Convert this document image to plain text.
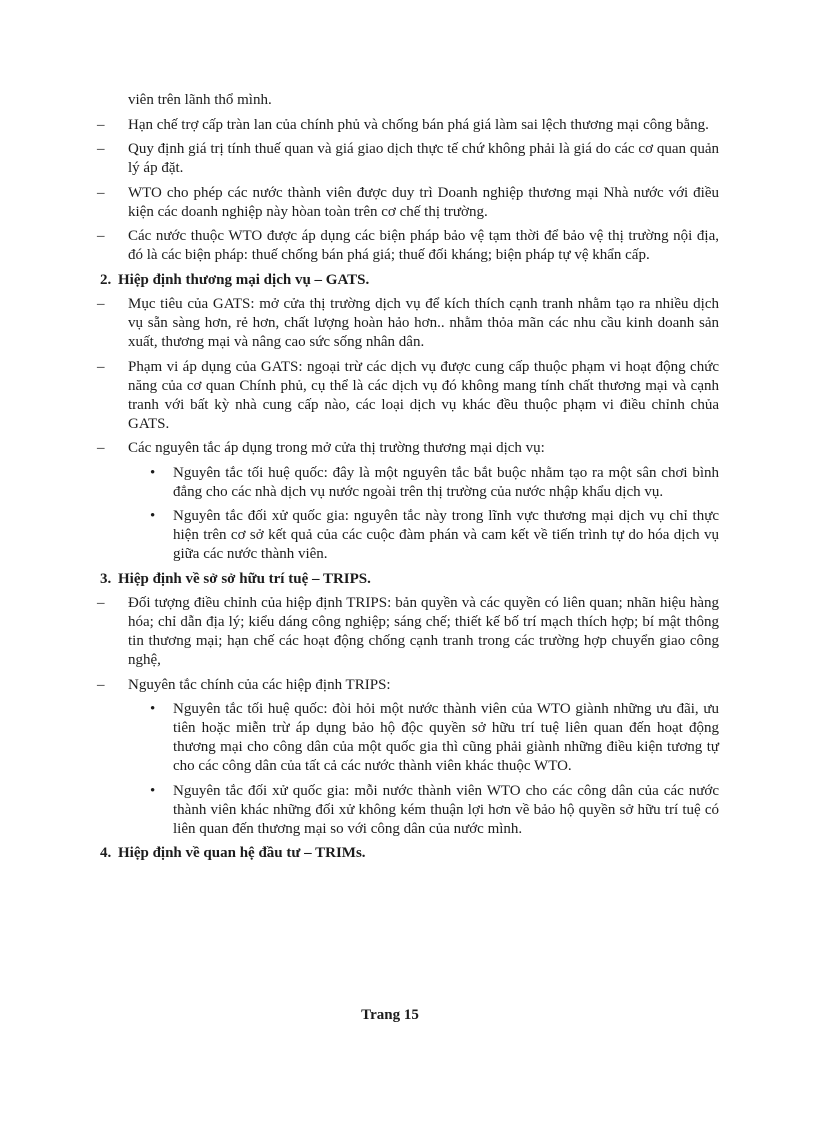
viên trên lãnh thổ mình.
– Hạn chế trợ cấp tràn lan của chính phủ và chống bán phá giá làm sai lệch thương mại công bằng.
– Quy định giá trị tính thuế quan và giá giao dịch thực tế chứ không phải là giá do các cơ quan quản lý áp đặt.
– WTO cho phép các nước thành viên được duy trì Doanh nghiệp thương mại Nhà nước với điều kiện các doanh nghiệp này hòan toàn trên cơ chế thị trường.
– Các nước thuộc WTO được áp dụng các biện pháp bảo vệ tạm thời để bảo vệ thị trường nội địa, đó là các biện pháp: thuế chống bán phá giá; thuế đối kháng; biện pháp tự vệ khẩn cấp.
2. Hiệp định thương mại dịch vụ – GATS.
– Mục tiêu của GATS: mở cửa thị trường dịch vụ để kích thích cạnh tranh nhằm tạo ra nhiều dịch vụ sẵn sàng hơn, rẻ hơn, chất lượng hoàn hảo hơn.. nhằm thỏa mãn các nhu cầu kinh doanh sản xuất, thương mại và nâng cao sức sống nhân dân.
– Phạm vi áp dụng của GATS: ngoại trừ các dịch vụ được cung cấp thuộc phạm vi hoạt động chức năng của cơ quan Chính phủ, cụ thể là các dịch vụ đó không mang tính chất thương mại và cạnh tranh với bất kỳ nhà cung cấp nào, các loại dịch vụ khác đều thuộc phạm vi điều chỉnh chủa GATS.
– Các nguyên tắc áp dụng trong mở cửa thị trường thương mại dịch vụ:
• Nguyên tắc tối huệ quốc: đây là một nguyên tắc bắt buộc nhằm tạo ra một sân chơi bình đẳng cho các nhà dịch vụ nước ngoài trên thị trường của nước nhập khẩu dịch vụ.
• Nguyên tắc đối xử quốc gia: nguyên tắc này trong lĩnh vực thương mại dịch vụ chỉ thực hiện trên cơ sở kết quả của các cuộc đàm phán và cam kết về tiến trình tự do hóa dịch vụ giữa các nước thành viên.
3. Hiệp định về sở sở hữu trí tuệ – TRIPS.
– Đối tượng điều chỉnh của hiệp định TRIPS: bản quyền và các quyền có liên quan; nhãn hiệu hàng hóa; chỉ dẫn địa lý; kiểu dáng công nghiệp; sáng chế; thiết kế bố trí mạch thích hợp; bí mật thông tin thương mại; hạn chế các hoạt động chống cạnh tranh trong các trường hợp chuyển giao công nghệ,
– Nguyên tắc chính của các hiệp định TRIPS:
• Nguyên tắc tối huệ quốc: đòi hỏi một nước thành viên của WTO giành những ưu đãi, ưu tiên hoặc miễn trừ áp dụng bảo hộ độc quyền sở hữu trí tuệ liên quan đến hoạt động thương mại cho công dân của một quốc gia thì cũng phải giành những điều kiện tương tự cho các công dân của tất cả các nước thành viên khác thuộc WTO.
• Nguyên tắc đối xử quốc gia: mỗi nước thành viên WTO cho các công dân của các nước thành viên khác những đối xử không kém thuận lợi hơn về bảo hộ quyền sở hữu trí tuệ có liên quan đến thương mại so với công dân của nước mình.
4. Hiệp định về quan hệ đầu tư – TRIMs.
Trang 15
